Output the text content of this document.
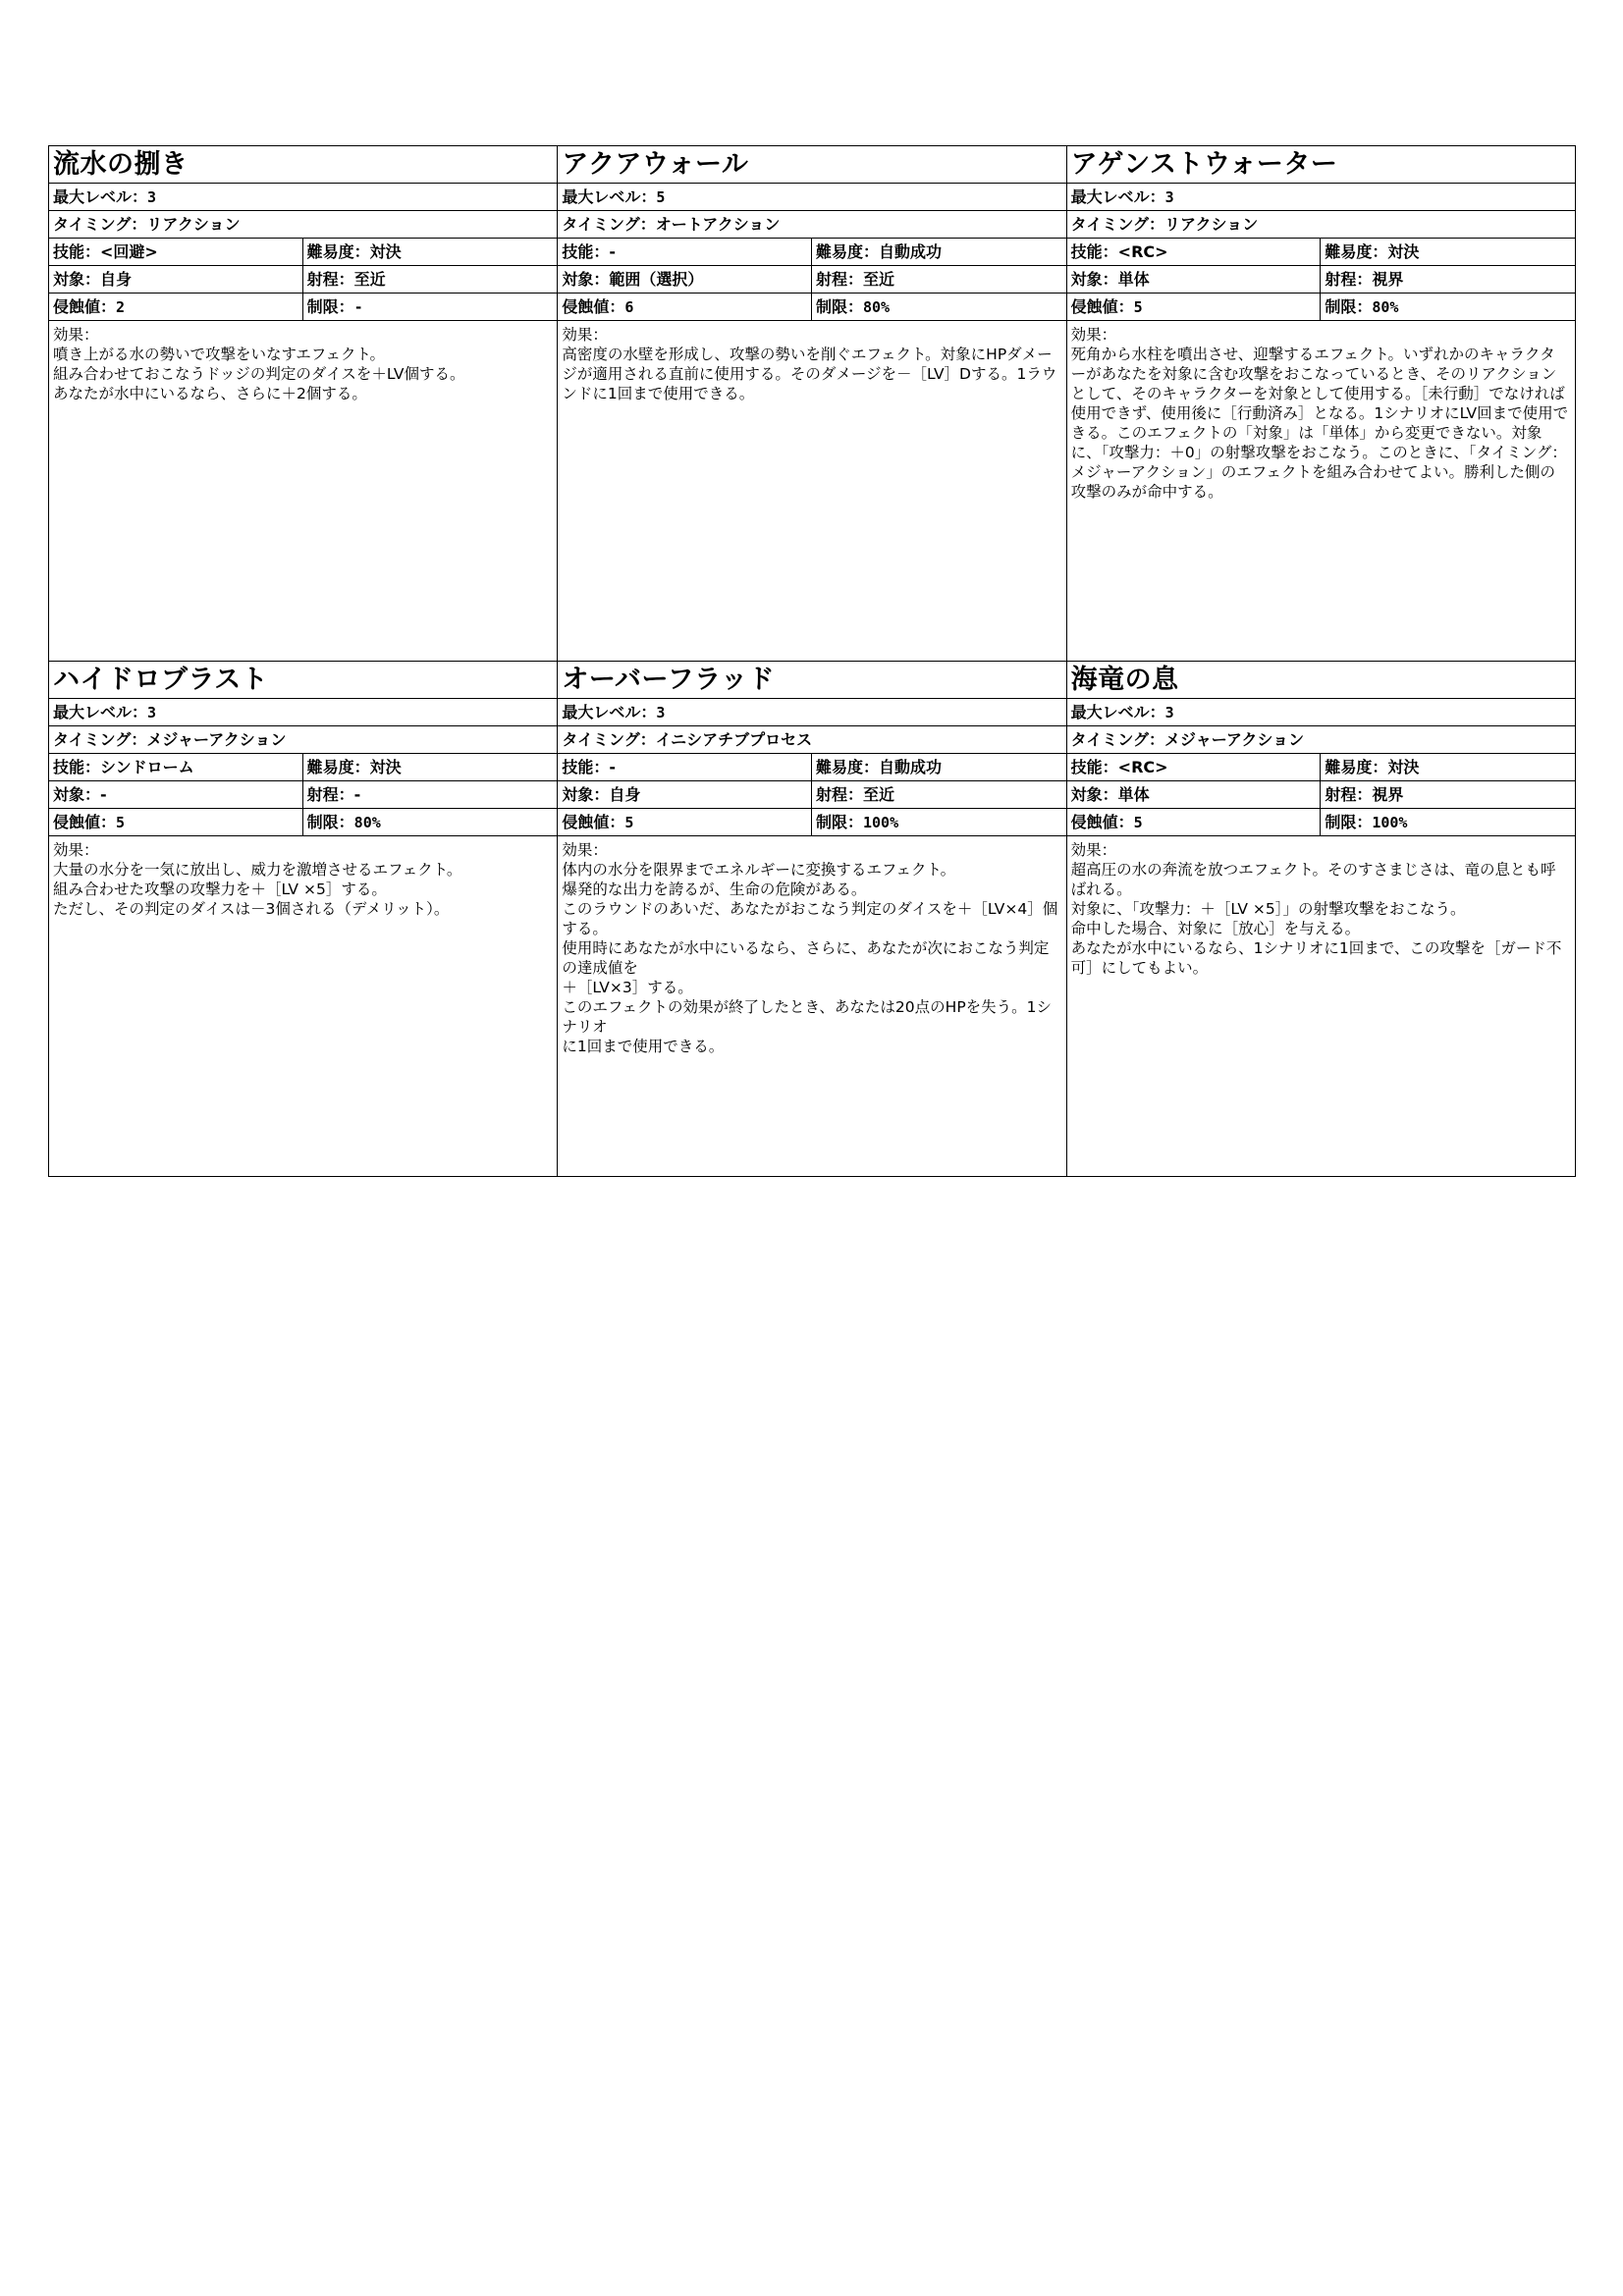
流水の捌き
最大レベル：3
タイミング：リアクション
技能：<回避>	難易度：対決
対象：自身	射程：至近
侵蝕値：2	制限：-
効果：
噴き上がる水の勢いで攻撃をいなすエフェクト。
組み合わせておこなうドッジの判定のダイスを＋LV個する。
あなたが水中にいるなら、さらに＋2個する。
アクアウォール
最大レベル：5
タイミング：オートアクション
技能：-	難易度：自動成功
対象：範囲（選択）	射程：至近
侵蝕値：6	制限：80%
効果：
高密度の水壁を形成し、攻撃の勢いを削ぐエフェクト。対象にHPダメージが適用される直前に使用する。そのダメージを－［LV］Dする。1ラウンドに1回まで使用できる。
アゲンストウォーター
最大レベル：3
タイミング：リアクション
技能：<RC>	難易度：対決
対象：単体	射程：視界
侵蝕値：5	制限：80%
効果：
死角から水柱を噴出させ、迎撃するエフェクト。いずれかのキャラクターがあなたを対象に含む攻撃をおこなっているとき、そのリアクションとして、そのキャラクターを対象として使用する。［未行動］でなければ使用できず、使用後に［行動済み］となる。1シナリオにLV回まで使用できる。このエフェクトの「対象」は「単体」から変更できない。対象に、「攻撃力：＋0」の射撃攻撃をおこなう。このときに、「タイミング：メジャーアクション」のエフェクトを組み合わせてよい。勝利した側の攻撃のみが命中する。
ハイドロブラスト
最大レベル：3
タイミング：メジャーアクション
技能：シンドローム	難易度：対決
対象：-	射程：-
侵蝕値：5	制限：80%
効果：
大量の水分を一気に放出し、威力を激増させるエフェクト。
組み合わせた攻撃の攻撃力を＋［LV ×5］する。
ただし、その判定のダイスは－3個される（デメリット）。
オーバーフラッド
最大レベル：3
タイミング：イニシアチブプロセス
技能：-	難易度：自動成功
対象：自身	射程：至近
侵蝕値：5	制限：100%
効果：
体内の水分を限界までエネルギーに変換するエフェクト。
爆発的な出力を誇るが、生命の危険がある。
このラウンドのあいだ、あなたがおこなう判定のダイスを＋［LV×4］個する。
使用時にあなたが水中にいるなら、さらに、あなたが次におこなう判定の達成値を
＋［LV×3］する。
このエフェクトの効果が終了したとき、あなたは20点のHPを失う。1シナリオ
に1回まで使用できる。
海竜の息
最大レベル：3
タイミング：メジャーアクション
技能：<RC>	難易度：対決
対象：単体	射程：視界
侵蝕値：5	制限：100%
効果：
超高圧の水の奔流を放つエフェクト。そのすさまじさは、竜の息とも呼ばれる。
対象に、「攻撃力：＋［LV ×5］」の射撃攻撃をおこなう。
命中した場合、対象に［放心］を与える。
あなたが水中にいるなら、1シナリオに1回まで、この攻撃を［ガード不可］にしてもよい。
